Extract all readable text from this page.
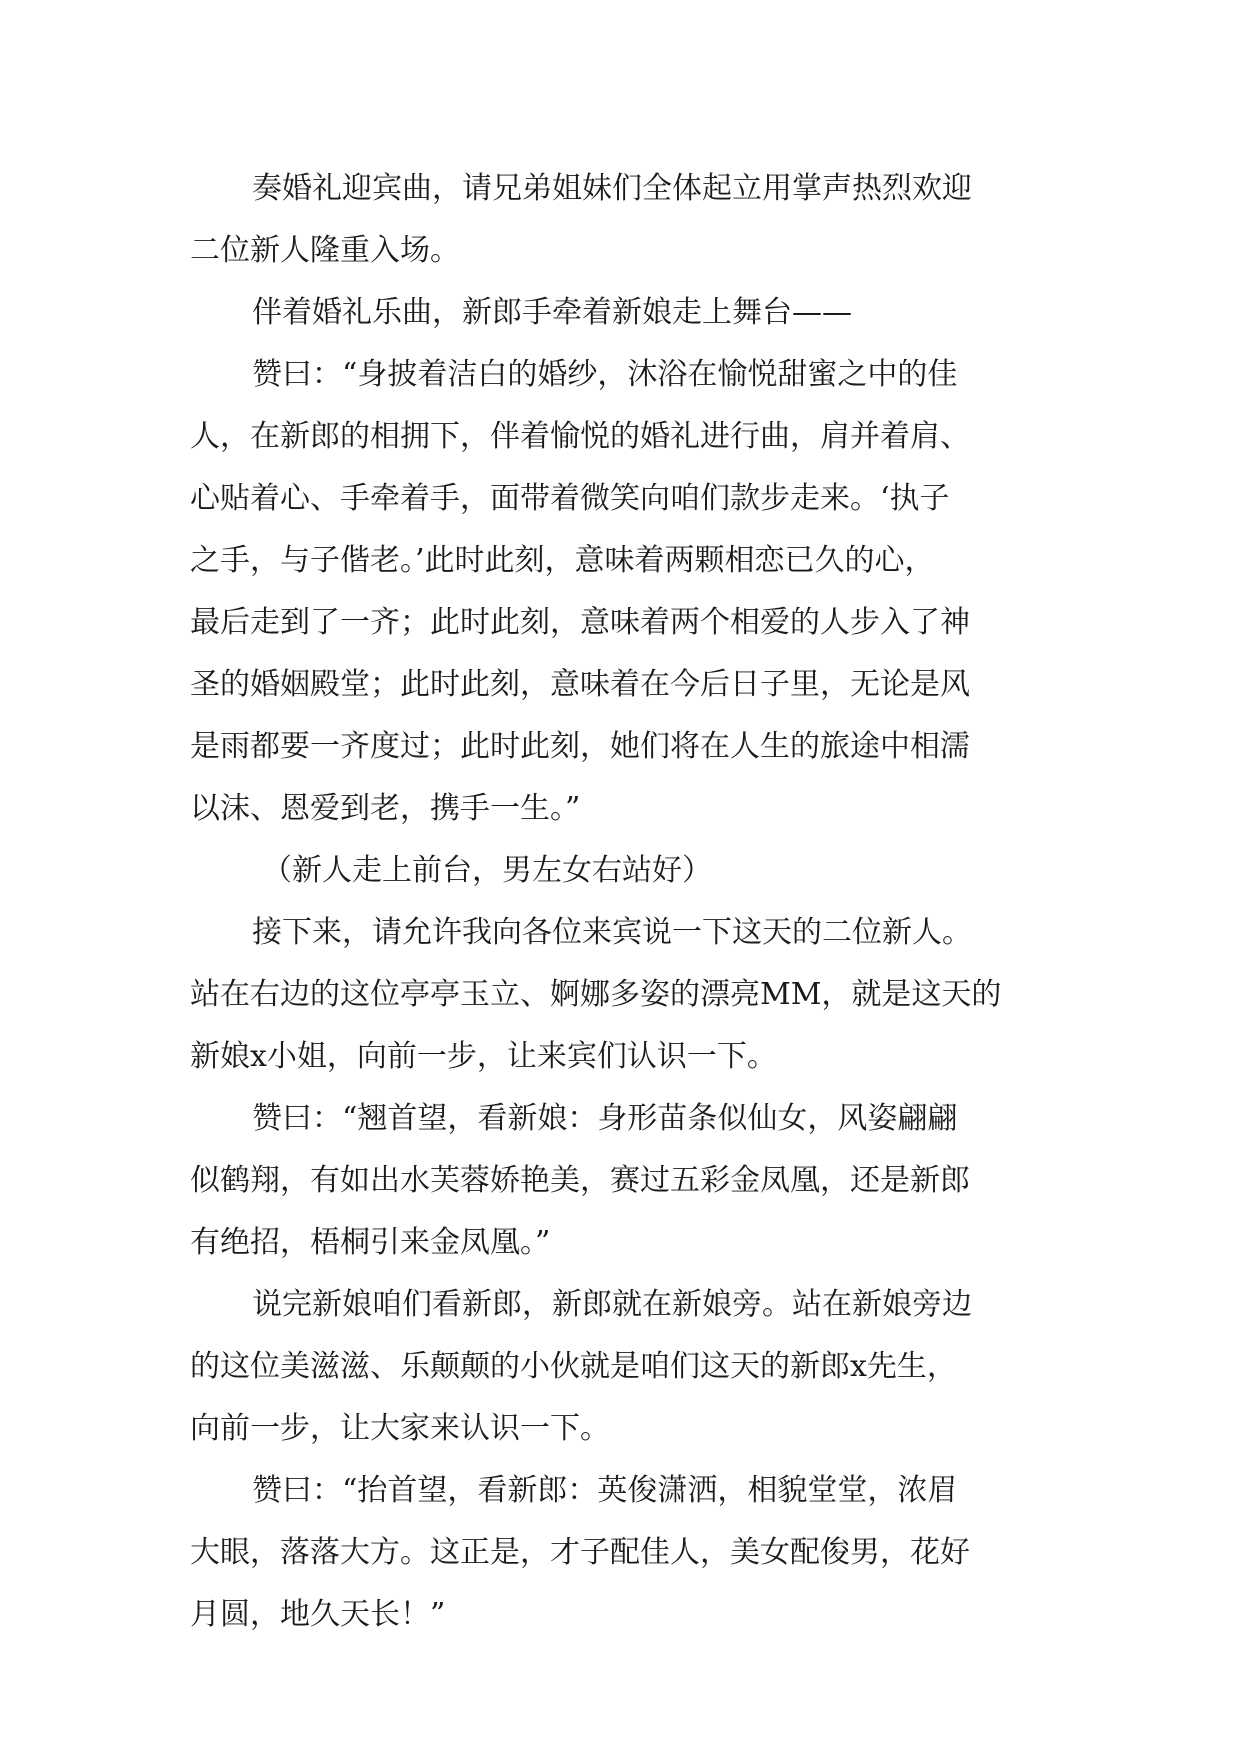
奏婚礼迎宾曲，请兄弟姐妹们全体起立用掌声热烈欢迎
二位新人隆重入场。
伴着婚礼乐曲，新郎手牵着新娘走上舞台——
赞曰：“身披着洁白的婚纱，沐浴在愉悦甜蜜之中的佳
人，在新郎的相拥下，伴着愉悦的婚礼进行曲，肩并着肩、
心贴着心、手牵着手，面带着微笑向咱们款步走来。‘执子
之手，与子偕老。’此时此刻，意味着两颗相恋已久的心，
最后走到了一齐；此时此刻，意味着两个相爱的人步入了神
圣的婚姻殿堂；此时此刻，意味着在今后日子里，无论是风
是雨都要一齐度过；此时此刻，她们将在人生的旅途中相濡
以沫、恩爱到老，携手一生。”
（新人走上前台，男左女右站好）
接下来，请允许我向各位来宾说一下这天的二位新人。
站在右边的这位亭亭玉立、婀娜多姿的漂亮MM，就是这天的
新娘x小姐，向前一步，让来宾们认识一下。
赞曰：“翘首望，看新娘：身形苗条似仙女，风姿翩翩
似鹤翔，有如出水芙蓉娇艳美，赛过五彩金凤凰，还是新郎
有绝招，梧桐引来金凤凰。”
说完新娘咱们看新郎，新郎就在新娘旁。站在新娘旁边
的这位美滋滋、乐颠颠的小伙就是咱们这天的新郎x先生，
向前一步，让大家来认识一下。
赞曰：“抬首望，看新郎：英俊潇洒，相貌堂堂，浓眉
大眼，落落大方。这正是，才子配佳人，美女配俊男，花好
月圆，地久天长！”
